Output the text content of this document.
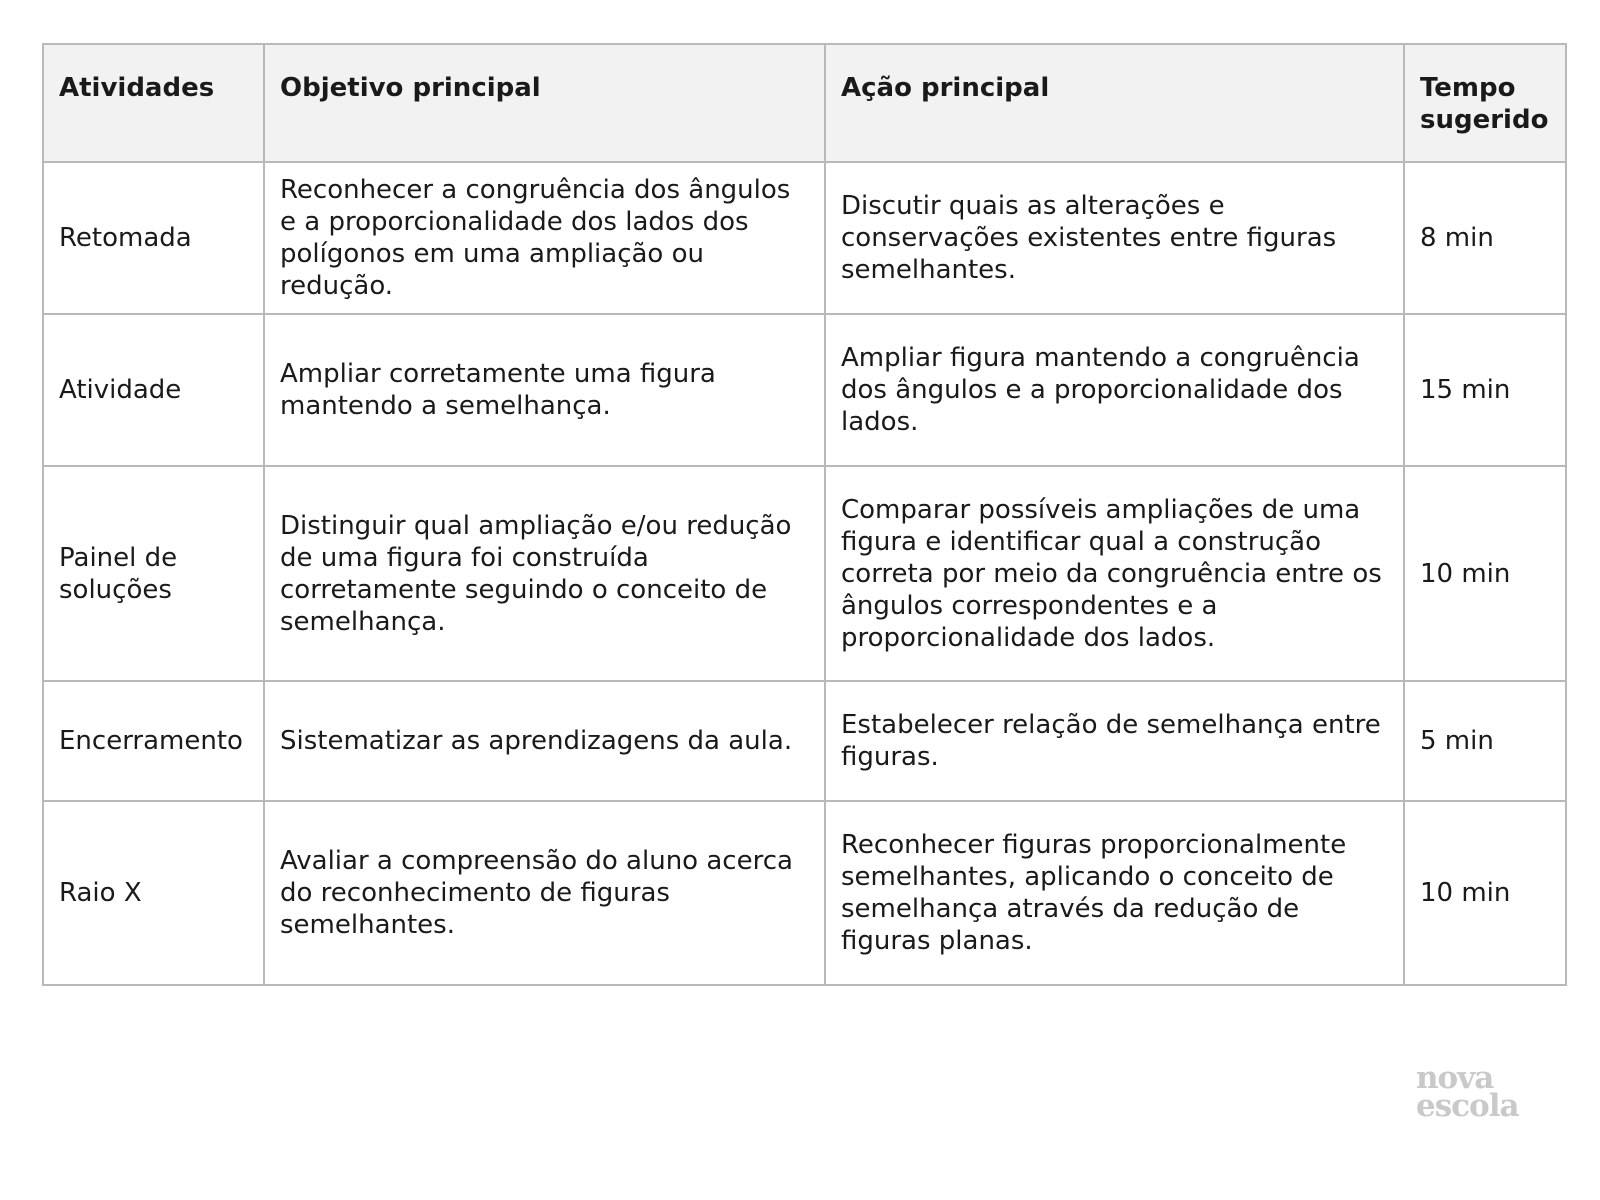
Atividades	Objetivo principal	Ação principal	Tempo sugerido
Retomada	Reconhecer a congruência dos ângulos e a proporcionalidade dos lados dos polígonos em uma ampliação ou redução.	Discutir quais as alterações e conservações existentes entre figuras semelhantes.	8 min
Atividade	Ampliar corretamente uma figura mantendo a semelhança.	Ampliar figura mantendo a congruência dos ângulos e a proporcionalidade dos lados.	15 min
Painel de soluções	Distinguir qual ampliação e/ou redução de uma figura foi construída corretamente seguindo o conceito de semelhança.	Comparar possíveis ampliações de uma figura e identificar qual a construção correta por meio da congruência entre os ângulos correspondentes e a proporcionalidade dos lados.	10 min
Encerramento	Sistematizar as aprendizagens da aula.	Estabelecer relação de semelhança entre figuras.	5 min
Raio X	Avaliar a compreensão do aluno acerca do reconhecimento de figuras semelhantes.	Reconhecer figuras proporcionalmente semelhantes, aplicando o conceito de semelhança através da redução de figuras planas.	10 min
nova
escola
